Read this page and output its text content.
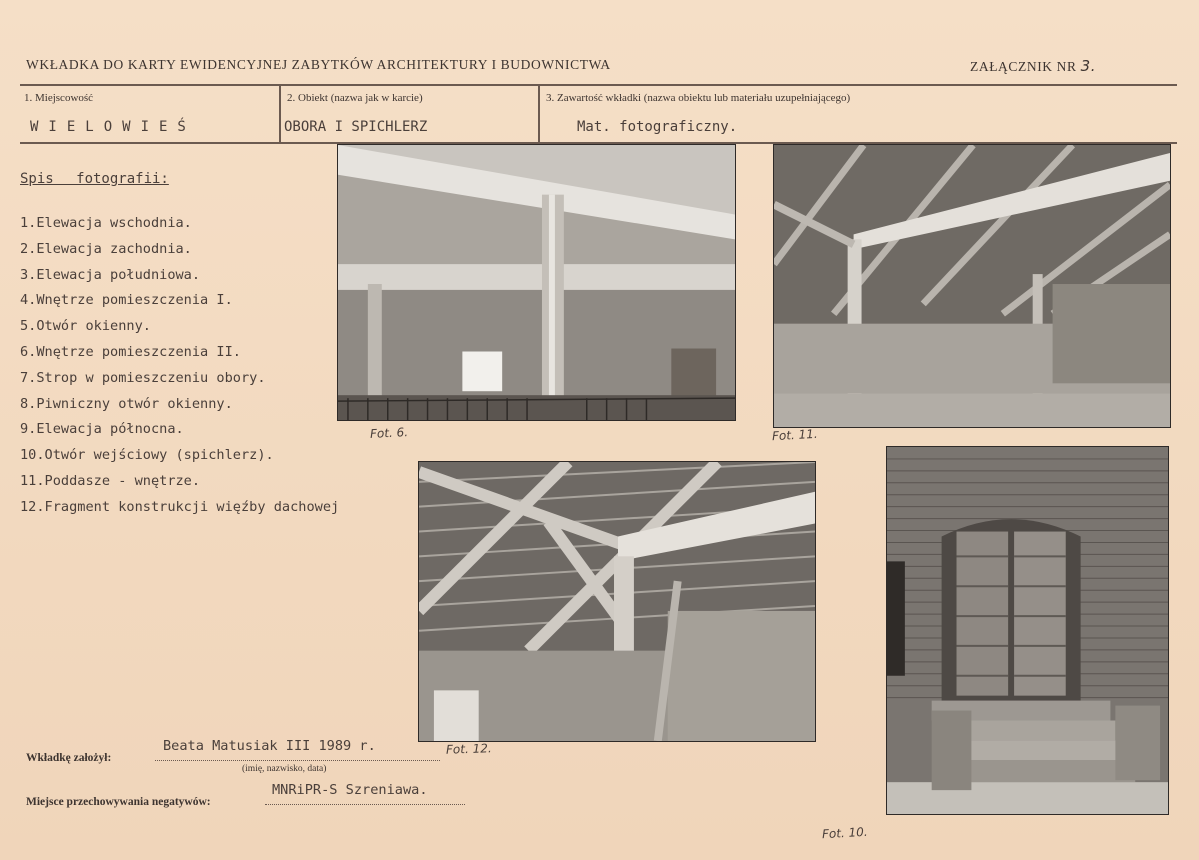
WKŁADKA DO KARTY EWIDENCYJNEJ ZABYTKÓW ARCHITEKTURY I BUDOWNICTWA	ZAŁĄCZNIK NR 3.
1. Miejscowość
WIELOWIEŚ
2. Obiekt (nazwa jak w karcie)
OBORA I SPICHLERZ
3. Zawartość wkładki (nazwa obiektu lub materiału uzupełniającego)
Mat. fotograficzny.
Spis fotografii:
1.Elewacja wschodnia.
2.Elewacja zachodnia.
3.Elewacja południowa.
4.Wnętrze pomieszczenia I.
5.Otwór okienny.
6.Wnętrze pomieszczenia II.
7.Strop w pomieszczeniu obory.
8.Piwniczny otwór okienny.
9.Elewacja północna.
10.Otwór wejściowy (spichlerz).
11.Poddasze - wnętrze.
12.Fragment konstrukcji więźby dachowej
Fot. 6.	Fot. 11.
Fot. 10.
Wkładkę założył:
Beata Matusiak III 1989 r.	Fot. 12.
(imię, nazwisko, data)
Miejsce przechowywania negatywów:
MNRiPR-S Szreniawa.
